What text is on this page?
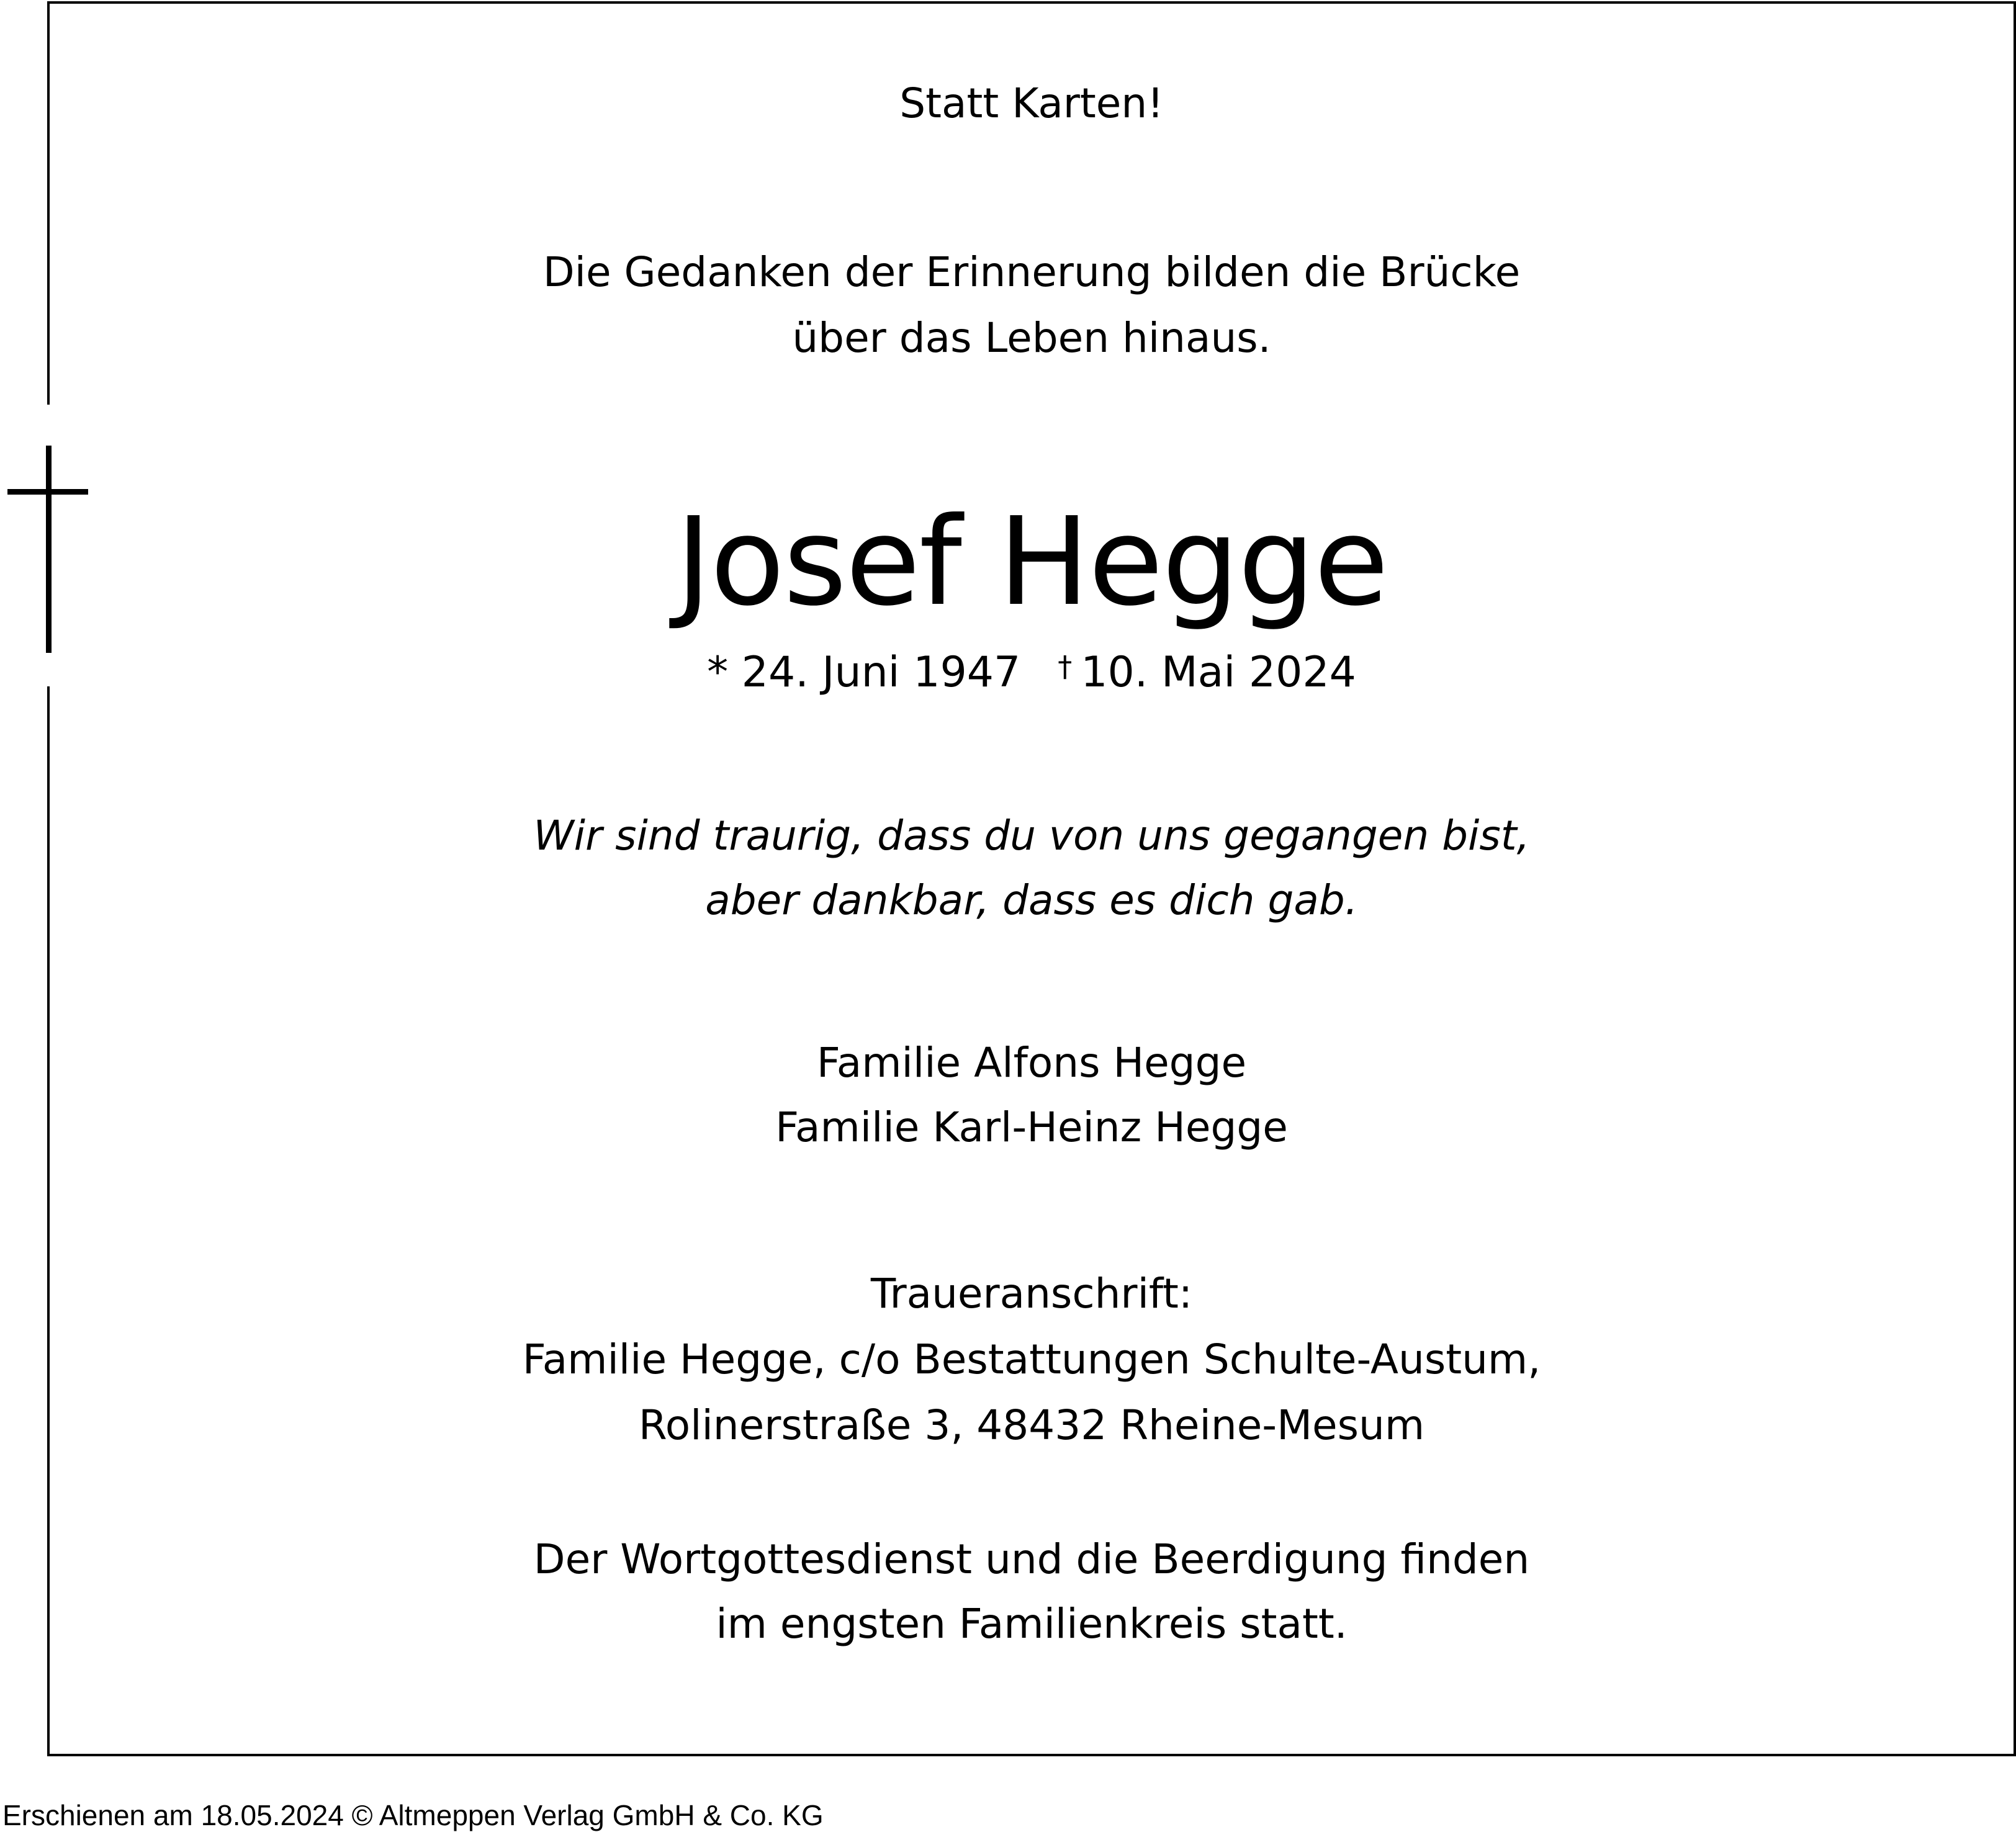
Statt Karten!
Die Gedanken der Erinnerung bilden die Brücke
über das Leben hinaus.
Josef Hegge
* 24. Juni 1947 † 10. Mai 2024
Wir sind traurig, dass du von uns gegangen bist,
aber dankbar, dass es dich gab.
Familie Alfons Hegge
Familie Karl-Heinz Hegge
Traueranschrift:
Familie Hegge, c/o Bestattungen Schulte-Austum,
Rolinerstraße 3, 48432 Rheine-Mesum
Der Wortgottesdienst und die Beerdigung finden
im engsten Familienkreis statt.
Erschienen am 18.05.2024 © Altmeppen Verlag GmbH & Co. KG
